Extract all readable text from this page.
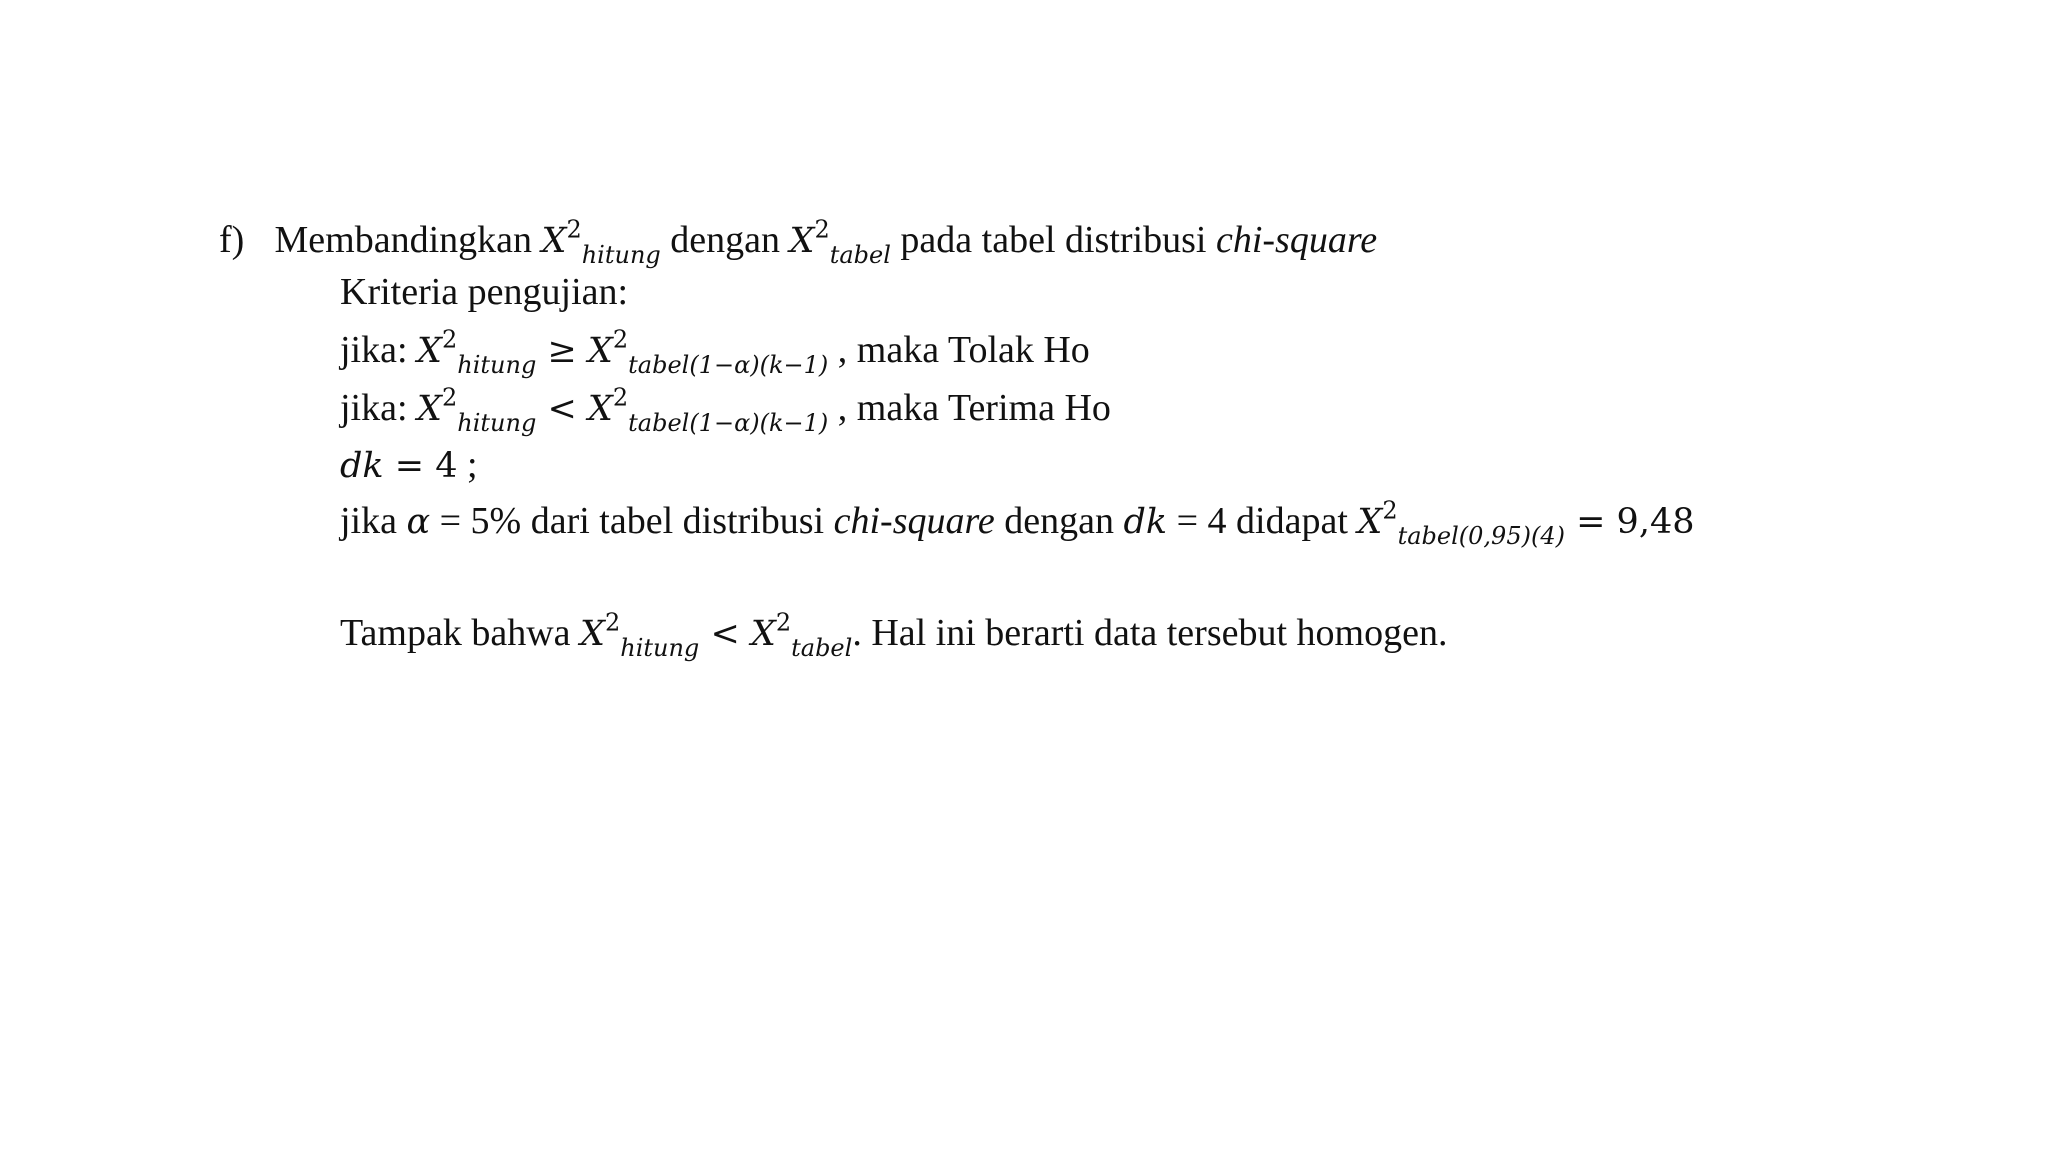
f) Membandingkan $X^2_{hitung}$ dengan $X^2_{tabel}$ pada tabel distribusi chi-square
Kriteria pengujian:
jika: $X^2_{hitung} \ge X^2_{tabel(1-\alpha)(k-1)}$ , maka Tolak Ho
jika: $X^2_{hitung} < X^2_{tabel(1-\alpha)(k-1)}$ , maka Terima Ho
dk = 4 ;
jika α = 5% dari tabel distribusi chi-square dengan dk = 4 didapat $X^2_{tabel(0,95)(4)} = 9,48$
Tampak bahwa $X^2_{hitung} < X^2_{tabel}$. Hal ini berarti data tersebut homogen.
